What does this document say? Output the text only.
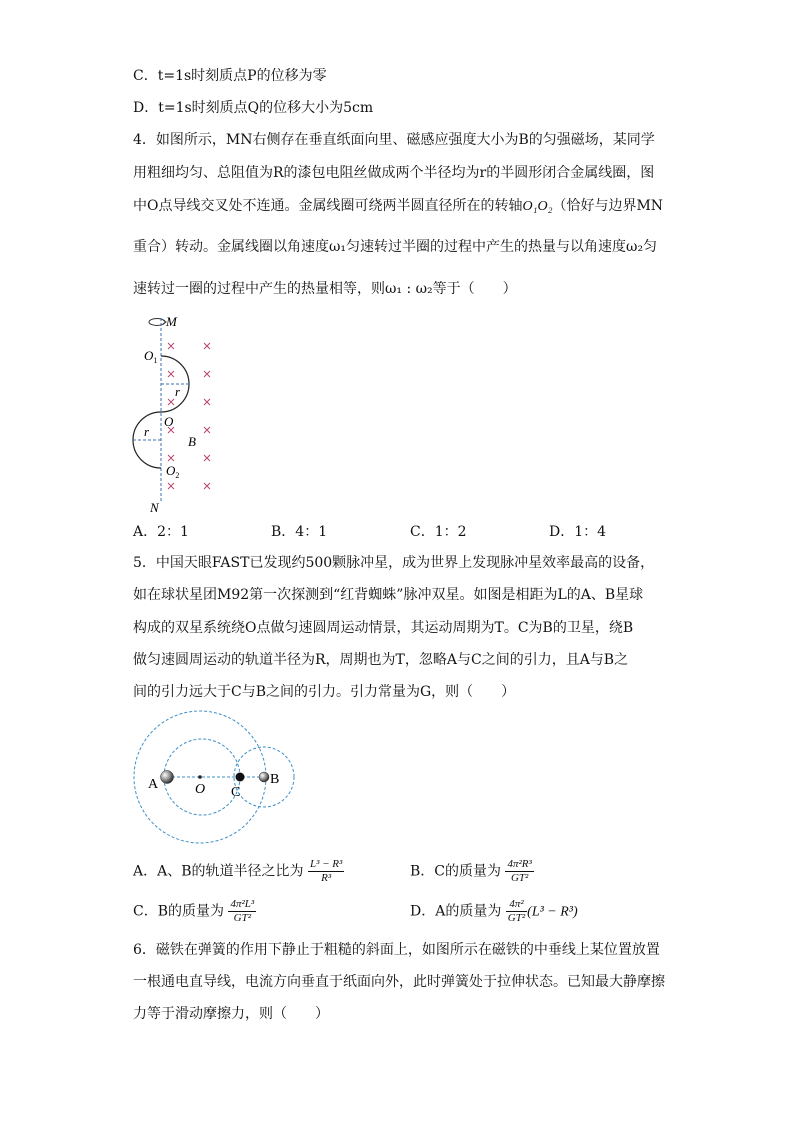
C．t=1s时刻质点P的位移为零
D．t=1s时刻质点Q的位移大小为5cm
4．如图所示，MN右侧存在垂直纸面向里、磁感应强度大小为B的匀强磁场，某同学
用粗细均匀、总阻值为R的漆包电阻丝做成两个半径均为r的半圆形闭合金属线圈，图
中O点导线交叉处不连通。金属线圈可绕两半圆直径所在的转轴O₁O₂（恰好与边界MN
重合）转动。金属线圈以角速度ω₁匀速转过半圈的过程中产生的热量与以角速度ω₂匀
速转过一圈的过程中产生的热量相等，则ω₁ : ω₂等于（　　）
M
N
$O_1$
O
$O_2$
r
r
B
A．2：1	B．4：1	C．1：2	D．1：4
5．中国天眼FAST已发现约500颗脉冲星，成为世界上发现脉冲星效率最高的设备，
如在球状星团M92第一次探测到“红背蜘蛛”脉冲双星。如图是相距为L的A、B星球
构成的双星系统绕O点做匀速圆周运动情景，其运动周期为T。C为B的卫星，绕B
做匀速圆周运动的轨道半径为R，周期也为T，忽略A与C之间的引力，且A与B之
间的引力远大于C与B之间的引力。引力常量为G，则（　　）
A	O C
B
A．A、B的轨道半径之比为 $\frac{\text{L³ − R³}}{\text{R³}}$	B．C的质量为 $\frac{\text{4π²R³}}{\text{GT²}}$
C．B的质量为 $\frac{\text{4π²L³}}{\text{GT²}}$	D．A的质量为 $\frac{\text{4π²}}{\text{GT²}} (L^3 - R^3)$
6．磁铁在弹簧的作用下静止于粗糙的斜面上，如图所示在磁铁的中垂线上某位置放置
一根通电直导线，电流方向垂直于纸面向外，此时弹簧处于拉伸状态。已知最大静摩擦
力等于滑动摩擦力，则（　　）
